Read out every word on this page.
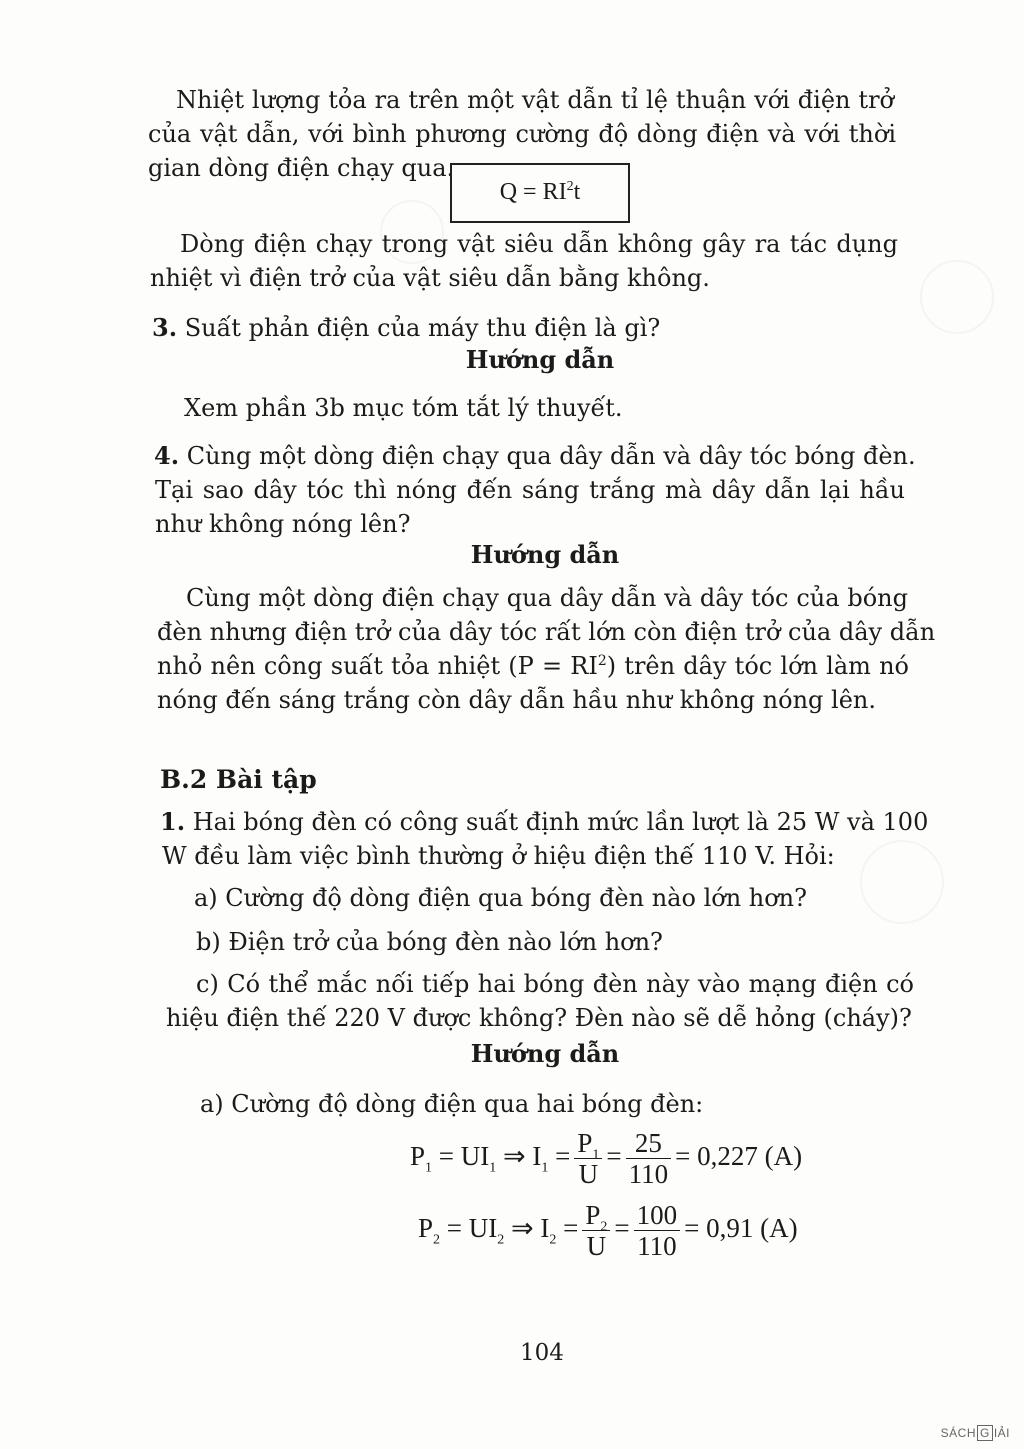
Nhiệt lượng tỏa ra trên một vật dẫn tỉ lệ thuận với điện trở
của vật dẫn, với bình phương cường độ dòng điện và với thời
gian dòng điện chạy qua.
$Q = RI^2t$
Dòng điện chạy trong vật siêu dẫn không gây ra tác dụng
nhiệt vì điện trở của vật siêu dẫn bằng không.
3. Suất phản điện của máy thu điện là gì?
Hướng dẫn
Xem phần 3b mục tóm tắt lý thuyết.
4. Cùng một dòng điện chạy qua dây dẫn và dây tóc bóng đèn.
Tại sao dây tóc thì nóng đến sáng trắng mà dây dẫn lại hầu
như không nóng lên?
Hướng dẫn
Cùng một dòng điện chạy qua dây dẫn và dây tóc của bóng
đèn nhưng điện trở của dây tóc rất lớn còn điện trở của dây dẫn
nhỏ nên công suất tỏa nhiệt $(P = RI^2)$ trên dây tóc lớn làm nó
nóng đến sáng trắng còn dây dẫn hầu như không nóng lên.
B.2 Bài tập
1. Hai bóng đèn có công suất định mức lần lượt là 25 W và 100
W đều làm việc bình thường ở hiệu điện thế 110 V. Hỏi:
a) Cường độ dòng điện qua bóng đèn nào lớn hơn?
b) Điện trở của bóng đèn nào lớn hơn?
c) Có thể mắc nối tiếp hai bóng đèn này vào mạng điện có
hiệu điện thế 220 V được không? Đèn nào sẽ dễ hỏng (cháy)?
Hướng dẫn
a) Cường độ dòng điện qua hai bóng đèn:
$P_1 = UI_1$ ⇒ $I_1 = \frac{P_1}{U} = \frac{25}{110} = 0,227$ (A)
$P_2 = UI_2$ ⇒ $I_2 = \frac{P_2}{U} = \frac{100}{110} = 0,91$ (A)
104
SÁCH G IẢI
